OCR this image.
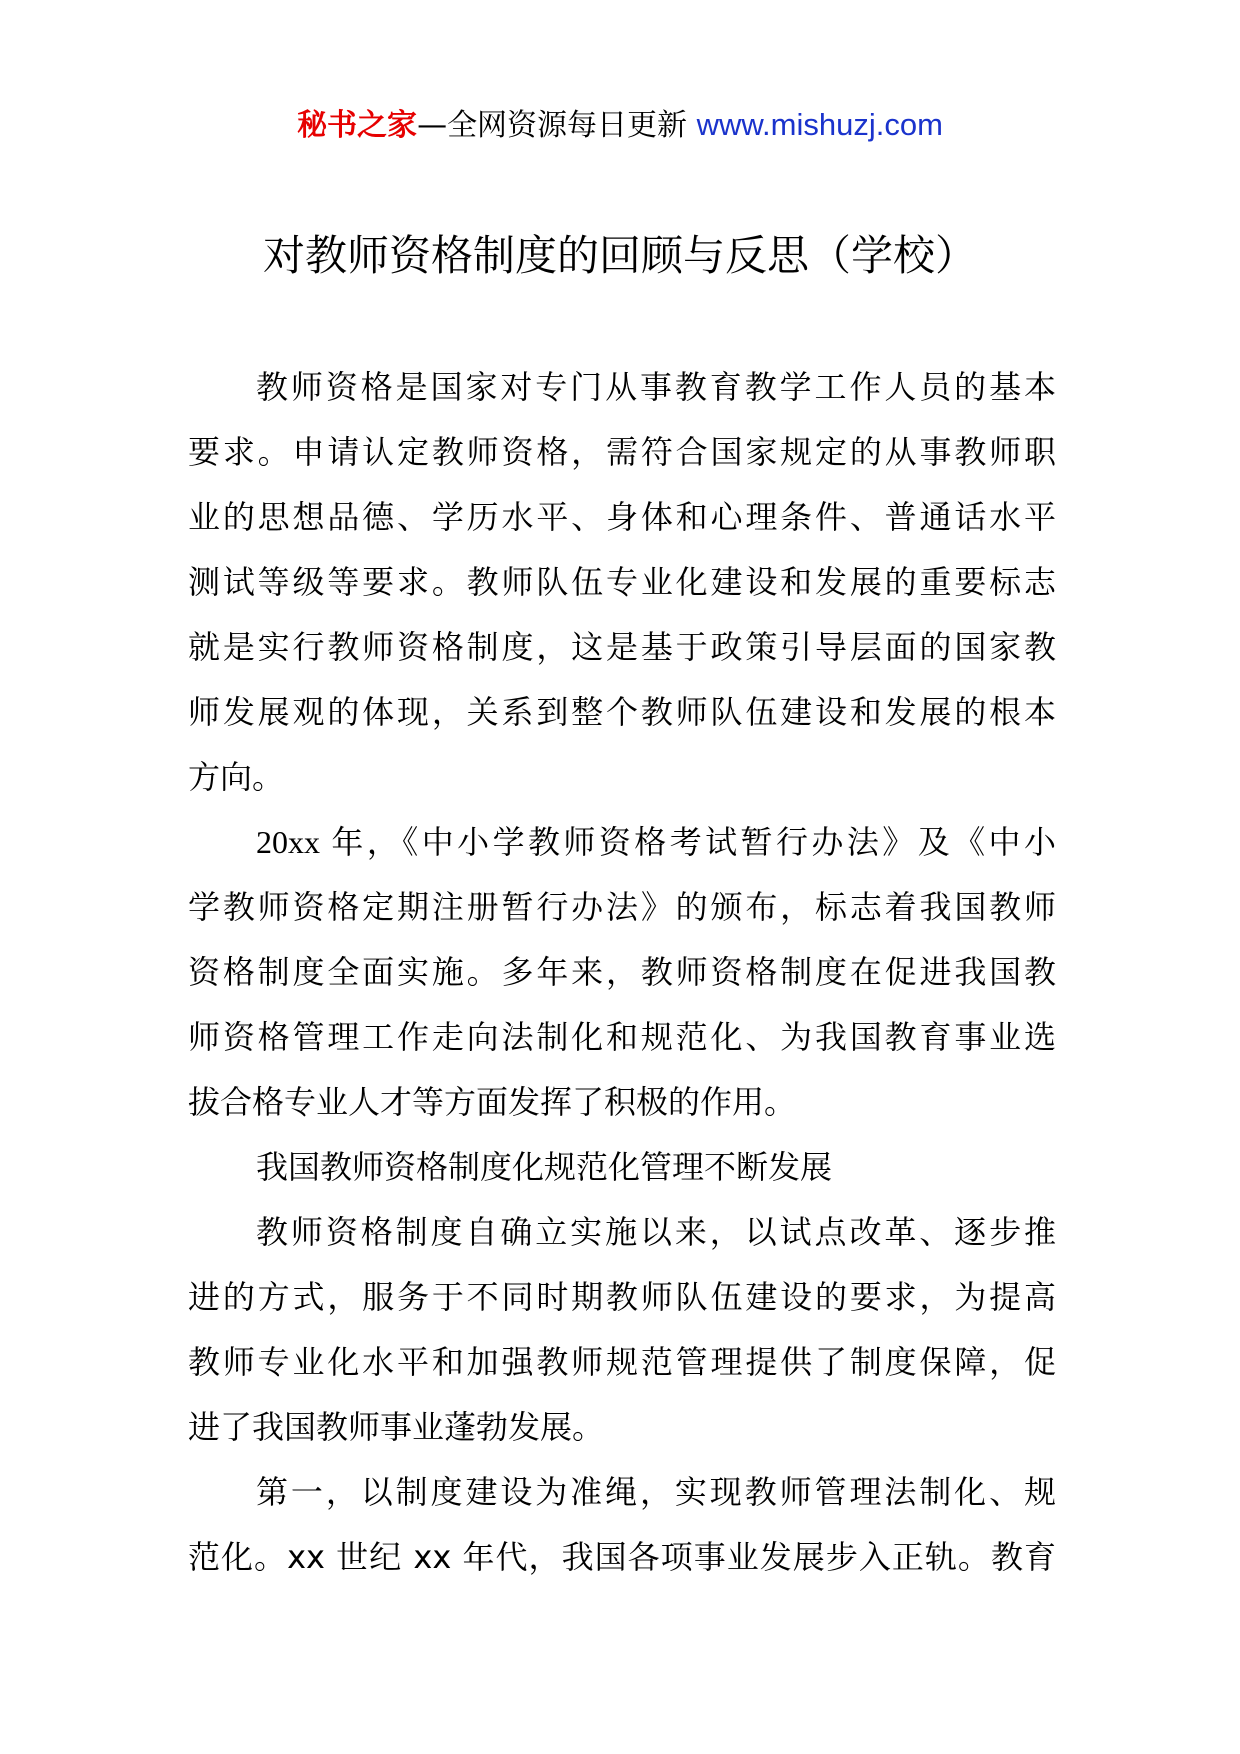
秘书之家—全网资源每日更新 www.mishuzj.com
对教师资格制度的回顾与反思（学校）
教师资格是国家对专门从事教育教学工作人员的基本
要求。申请认定教师资格，需符合国家规定的从事教师职
业的思想品德、学历水平、身体和心理条件、普通话水平
测试等级等要求。教师队伍专业化建设和发展的重要标志
就是实行教师资格制度，这是基于政策引导层面的国家教
师发展观的体现，关系到整个教师队伍建设和发展的根本
方向。
20xx 年，《中小学教师资格考试暂行办法》及《中小
学教师资格定期注册暂行办法》的颁布，标志着我国教师
资格制度全面实施。多年来，教师资格制度在促进我国教
师资格管理工作走向法制化和规范化、为我国教育事业选
拔合格专业人才等方面发挥了积极的作用。
我国教师资格制度化规范化管理不断发展
教师资格制度自确立实施以来，以试点改革、逐步推
进的方式，服务于不同时期教师队伍建设的要求，为提高
教师专业化水平和加强教师规范管理提供了制度保障，促
进了我国教师事业蓬勃发展。
第一，以制度建设为准绳，实现教师管理法制化、规
范化。xx 世纪 xx 年代，我国各项事业发展步入正轨。教育
